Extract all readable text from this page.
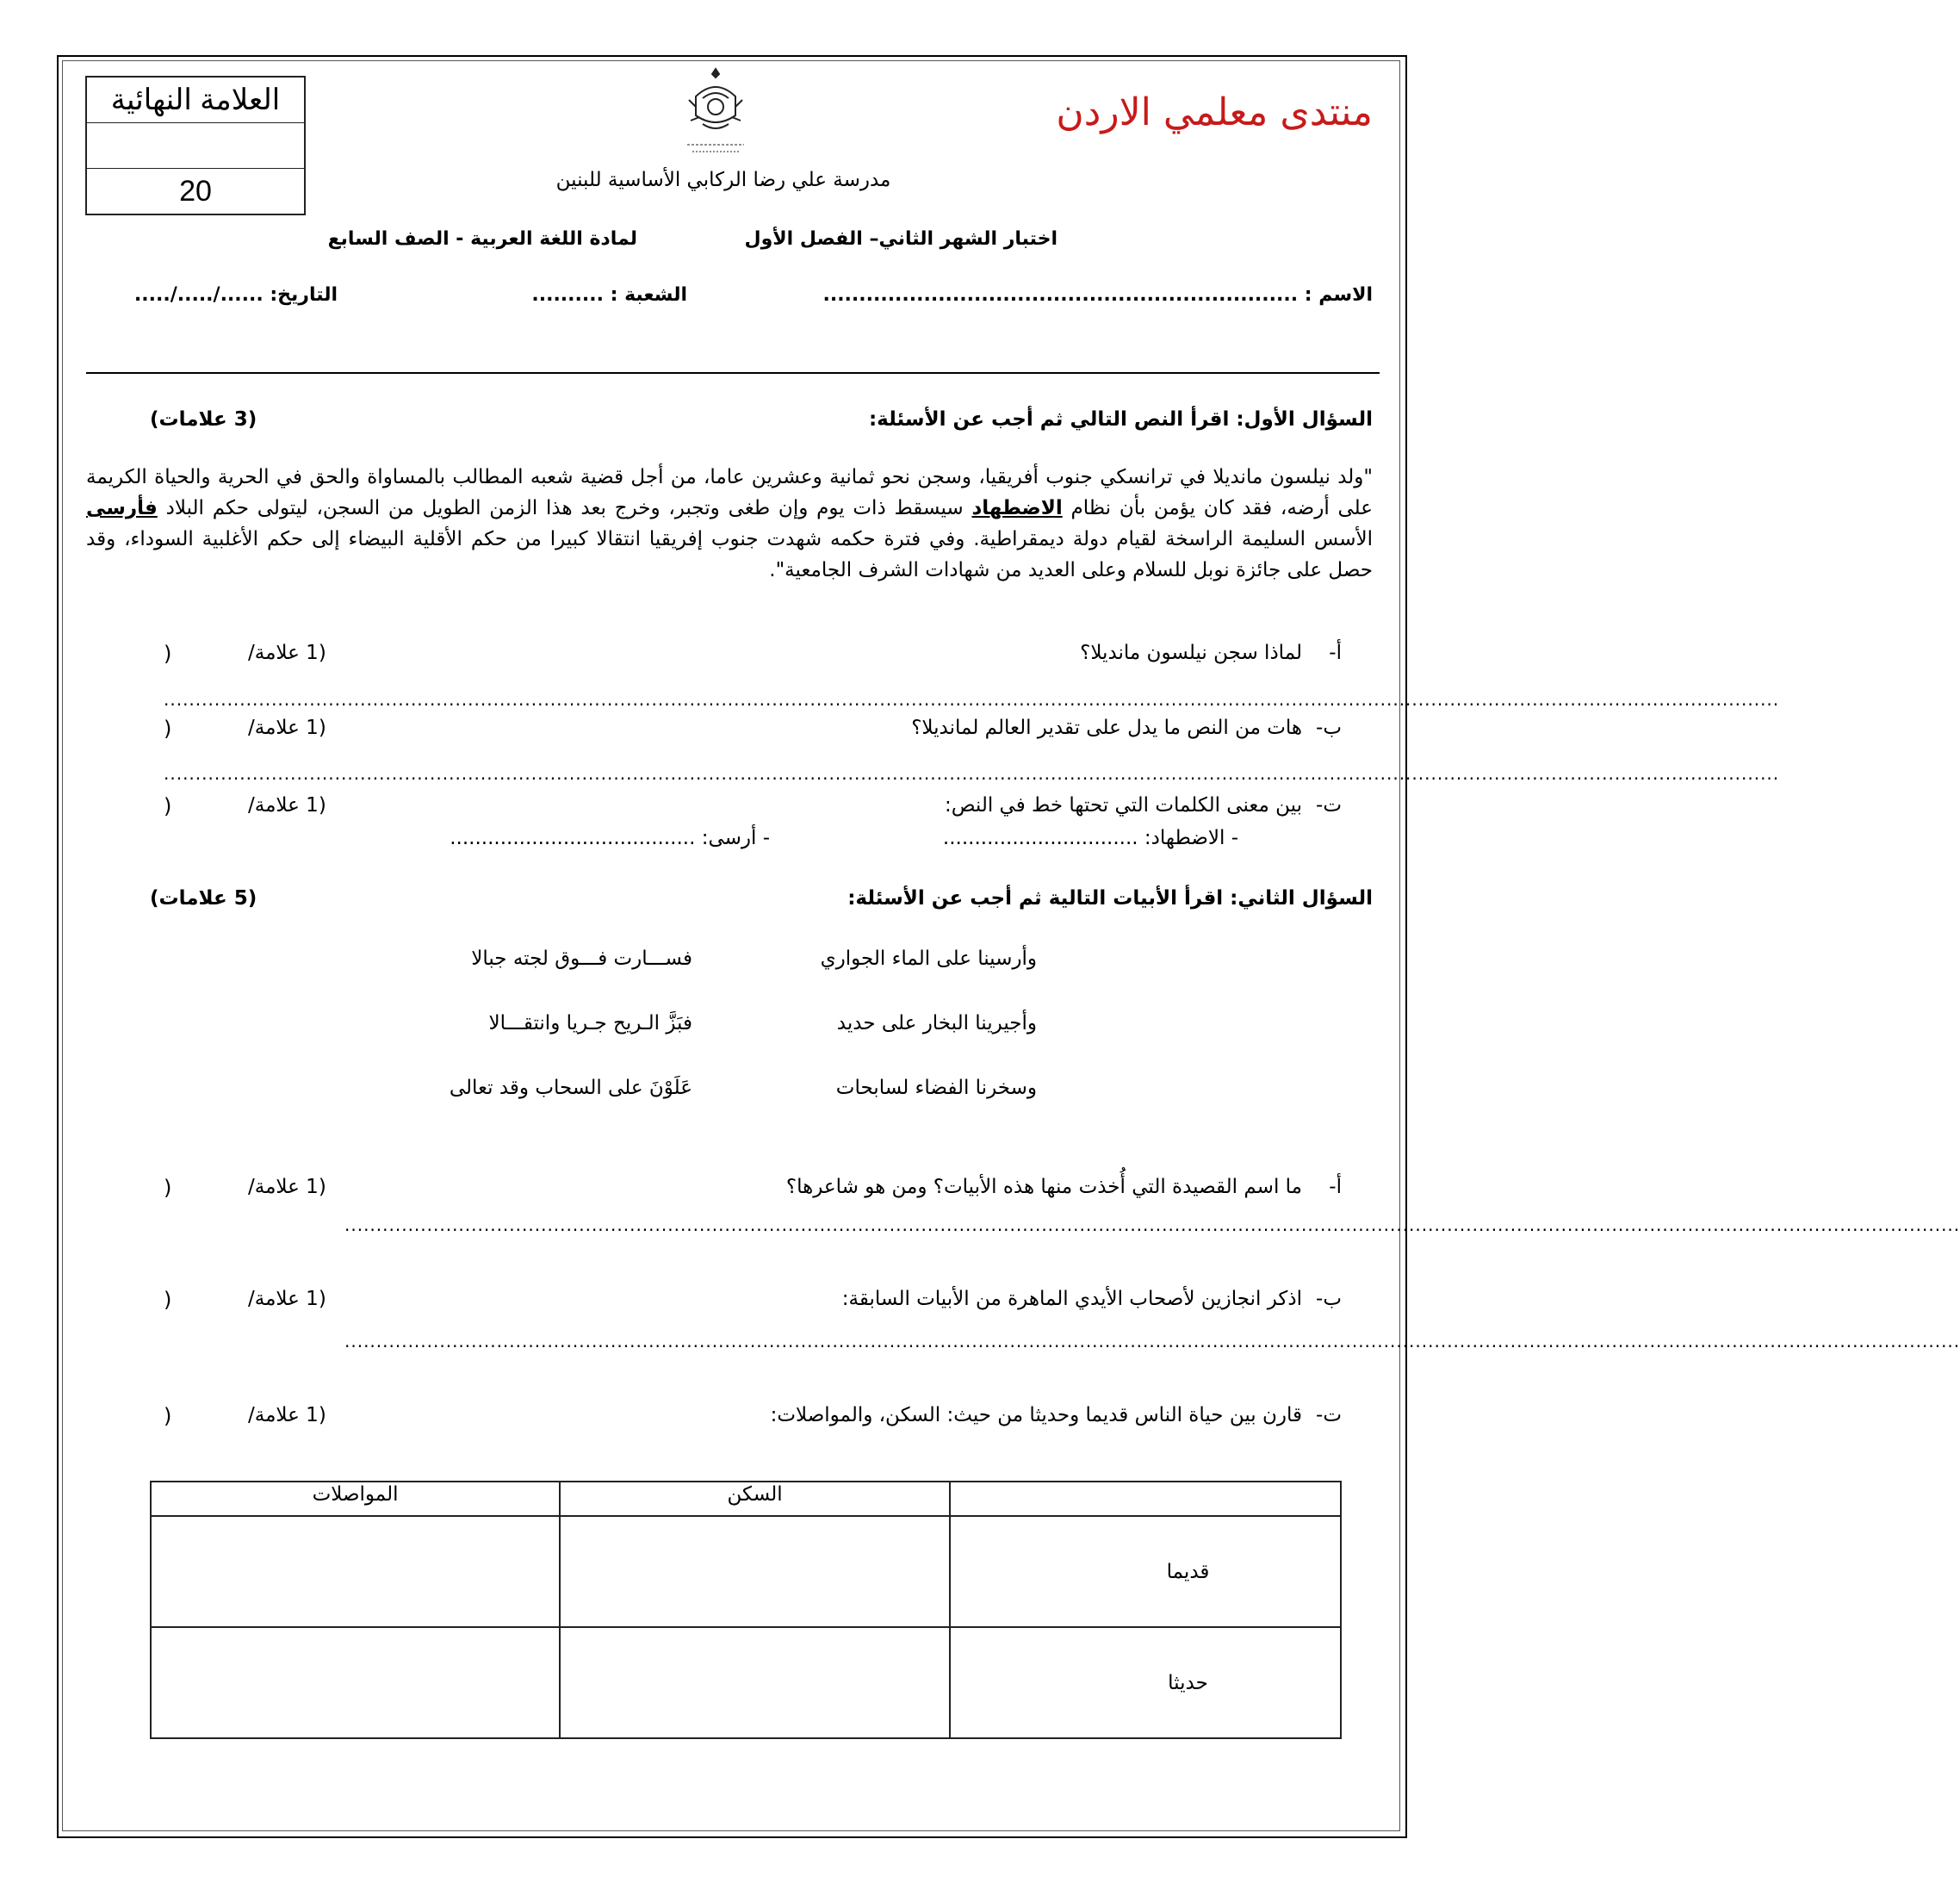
منتدى معلمي الاردن
العلامة النهائية
20	مدرسة علي رضا الركابي الأساسية للبنين
اختبار الشهر الثاني– الفصل الأول
لمادة اللغة العربية - الصف السابع
الاسم : ..................................................................
الشعبة : ..........
التاريخ: ....../...../.....
السؤال الأول: اقرأ النص التالي ثم أجب عن الأسئلة:
(3 علامات)
"ولد نيلسون مانديلا في ترانسكي جنوب أفريقيا، وسجن نحو ثمانية وعشرين عاما، من أجل قضية شعبه المطالب بالمساواة والحق في الحرية والحياة الكريمة على أرضه، فقد كان يؤمن بأن نظام الاضطهاد سيسقط ذات يوم وإن طغى وتجبر، وخرج بعد هذا الزمن الطويل من السجن، ليتولى حكم البلاد فأرسى الأسس السليمة الراسخة لقيام دولة ديمقراطية. وفي فترة حكمه شهدت جنوب إفريقيا انتقالا كبيرا من حكم الأقلية البيضاء إلى حكم الأغلبية السوداء، وقد حصل على جائزة نوبل للسلام وعلى العديد من شهادات الشرف الجامعية".
أ-
لماذا سجن نيلسون مانديلا؟
(1 علامة/
)
...............................................................................................................................................................................................................................................................
ب-
هات من النص ما يدل على تقدير العالم لمانديلا؟
(1 علامة/
)
...............................................................................................................................................................................................................................................................
ت-
بين معنى الكلمات التي تحتها خط في النص:
(1 علامة/
)
- الاضطهاد: ...............................
- أرسى: .......................................
السؤال الثاني: اقرأ الأبيات التالية ثم أجب عن الأسئلة:
(5 علامات)
وأرسينا على الماء الجواري
فســـارت فـــوق لجته جبالا
وأجيرينا البخار على حديد
فبَزَّ الـريح جـريا وانتقـــالا
وسخرنا الفضاء لسابحات
عَلَوْنَ على السحاب وقد تعالى
أ-
ما اسم القصيدة التي أُخذت منها هذه الأبيات؟ ومن هو شاعرها؟
(1 علامة/
)
...............................................................................................................................................................................................................................................................
ب-
اذكر انجازين لأصحاب الأيدي الماهرة من الأبيات السابقة:
(1 علامة/
)
...............................................................................................................................................................................................................................................................
ت-
قارن بين حياة الناس قديما وحديثا من حيث: السكن، والمواصلات:
(1 علامة/
)
	السكن	المواصلات
قديما		
حديثا		
